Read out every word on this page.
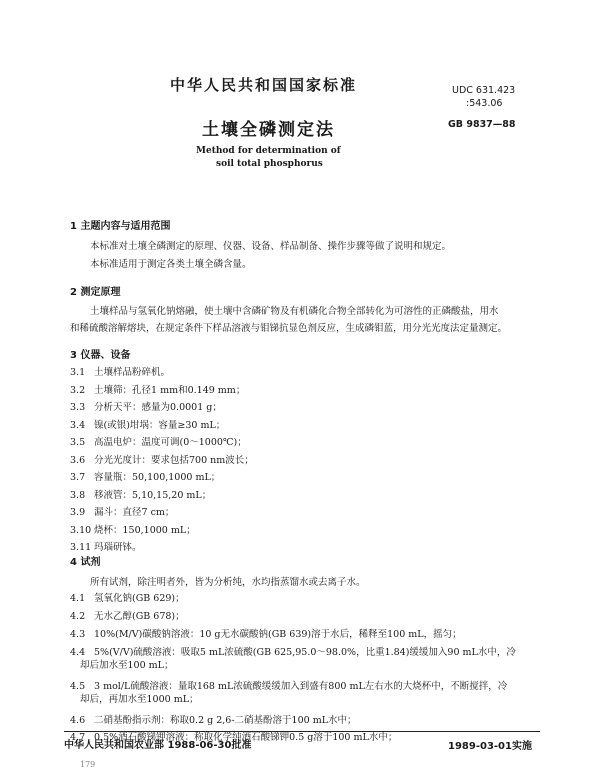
中华人民共和国国家标准	UDC 631.423
:543.06
GB 9837—88
土壤全磷测定法
Method for determination of
soil total phosphorus
1 主题内容与适用范围
本标准对土壤全磷测定的原理、仪器、设备、样品制备、操作步骤等做了说明和规定。
本标准适用于测定各类土壤全磷含量。
2 测定原理
土壤样品与氢氧化钠熔融，使土壤中含磷矿物及有机磷化合物全部转化为可溶性的正磷酸盐，用水
和稀硫酸溶解熔块，在规定条件下样品溶液与钼锑抗显色剂反应，生成磷钼蓝，用分光光度法定量测定。
3 仪器、设备
3.1 土壤样品粉碎机。
3.2 土壤筛：孔径1 mm和0.149 mm；
3.3 分析天平：感量为0.0001 g；
3.4 镍(或银)坩埚：容量≥30 mL；
3.5 高温电炉：温度可调(0～1000℃)；
3.6 分光光度计：要求包括700 nm波长；
3.7 容量瓶：50,100,1000 mL；
3.8 移液管：5,10,15,20 mL；
3.9 漏斗：直径7 cm；
3.10 烧杯：150,1000 mL；
3.11 玛瑙研钵。
4 试剂
所有试剂，除注明者外，皆为分析纯，水均指蒸馏水或去离子水。
4.1 氢氧化钠(GB 629)；
4.2 无水乙醇(GB 678)；
4.3 10%(M/V)碳酸钠溶液：10 g无水碳酸钠(GB 639)溶于水后，稀释至100 mL，摇匀；
4.4 5%(V/V)硫酸溶液：吸取5 mL浓硫酸(GB 625,95.0～98.0%，比重1.84)缓缓加入90 mL水中，冷
却后加水至100 mL；
4.5 3 mol/L硫酸溶液：量取168 mL浓硫酸缓缓加入到盛有800 mL左右水的大烧杯中，不断搅拌，冷
却后，再加水至1000 mL；
4.6 二硝基酚指示剂：称取0.2 g 2,6-二硝基酚溶于100 mL水中；
4.7 0.5%酒石酸锑钾溶液：称取化学纯酒石酸锑钾0.5 g溶于100 mL水中；
中华人民共和国农业部 1988-06-30批准	1989-03-01实施
179
